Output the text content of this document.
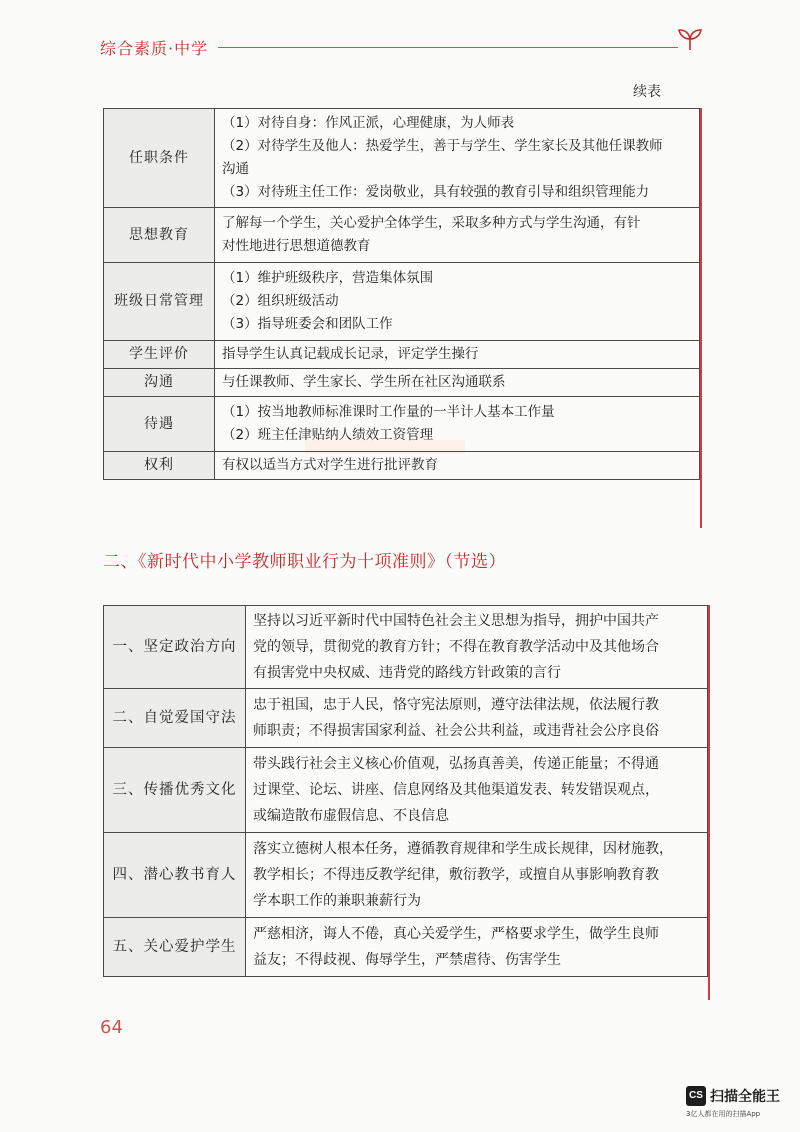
综合素质·中学
续表
任职条件	（1）对待自身：作风正派，心理健康，为人师表
（2）对待学生及他人：热爱学生，善于与学生、学生家长及其他任课教师
沟通
（3）对待班主任工作：爱岗敬业，具有较强的教育引导和组织管理能力

思想教育	了解每一个学生，关心爱护全体学生，采取多种方式与学生沟通，有针
对性地进行思想道德教育

班级日常管理	（1）维护班级秩序，营造集体氛围
（2）组织班级活动
（3）指导班委会和团队工作

学生评价	指导学生认真记载成长记录，评定学生操行

沟通	与任课教师、学生家长、学生所在社区沟通联系

待遇	（1）按当地教师标准课时工作量的一半计人基本工作量
（2）班主任津贴纳人绩效工资管理

权利	有权以适当方式对学生进行批评教育
二、《新时代中小学教师职业行为十项准则》（节选）
一、坚定政治方向	坚持以习近平新时代中国特色社会主义思想为指导，拥护中国共产
党的领导，贯彻党的教育方针；不得在教育教学活动中及其他场合
有损害党中央权威、违背党的路线方针政策的言行

二、自觉爱国守法	忠于祖国，忠于人民，恪守宪法原则，遵守法律法规，依法履行教
师职责；不得损害国家利益、社会公共利益，或违背社会公序良俗

三、传播优秀文化	带头践行社会主义核心价值观，弘扬真善美，传递正能量；不得通
过课堂、论坛、讲座、信息网络及其他渠道发表、转发错误观点，
或编造散布虚假信息、不良信息

四、潜心教书育人	落实立德树人根本任务，遵循教育规律和学生成长规律，因材施教，
教学相长；不得违反教学纪律，敷衍教学，或擅自从事影响教育教
学本职工作的兼职兼薪行为

五、关心爱护学生	严慈相济，诲人不倦，真心关爱学生，严格要求学生，做学生良师
益友；不得歧视、侮辱学生，严禁虐待、伤害学生
64
CS 扫描全能王
3亿人都在用的扫描App
